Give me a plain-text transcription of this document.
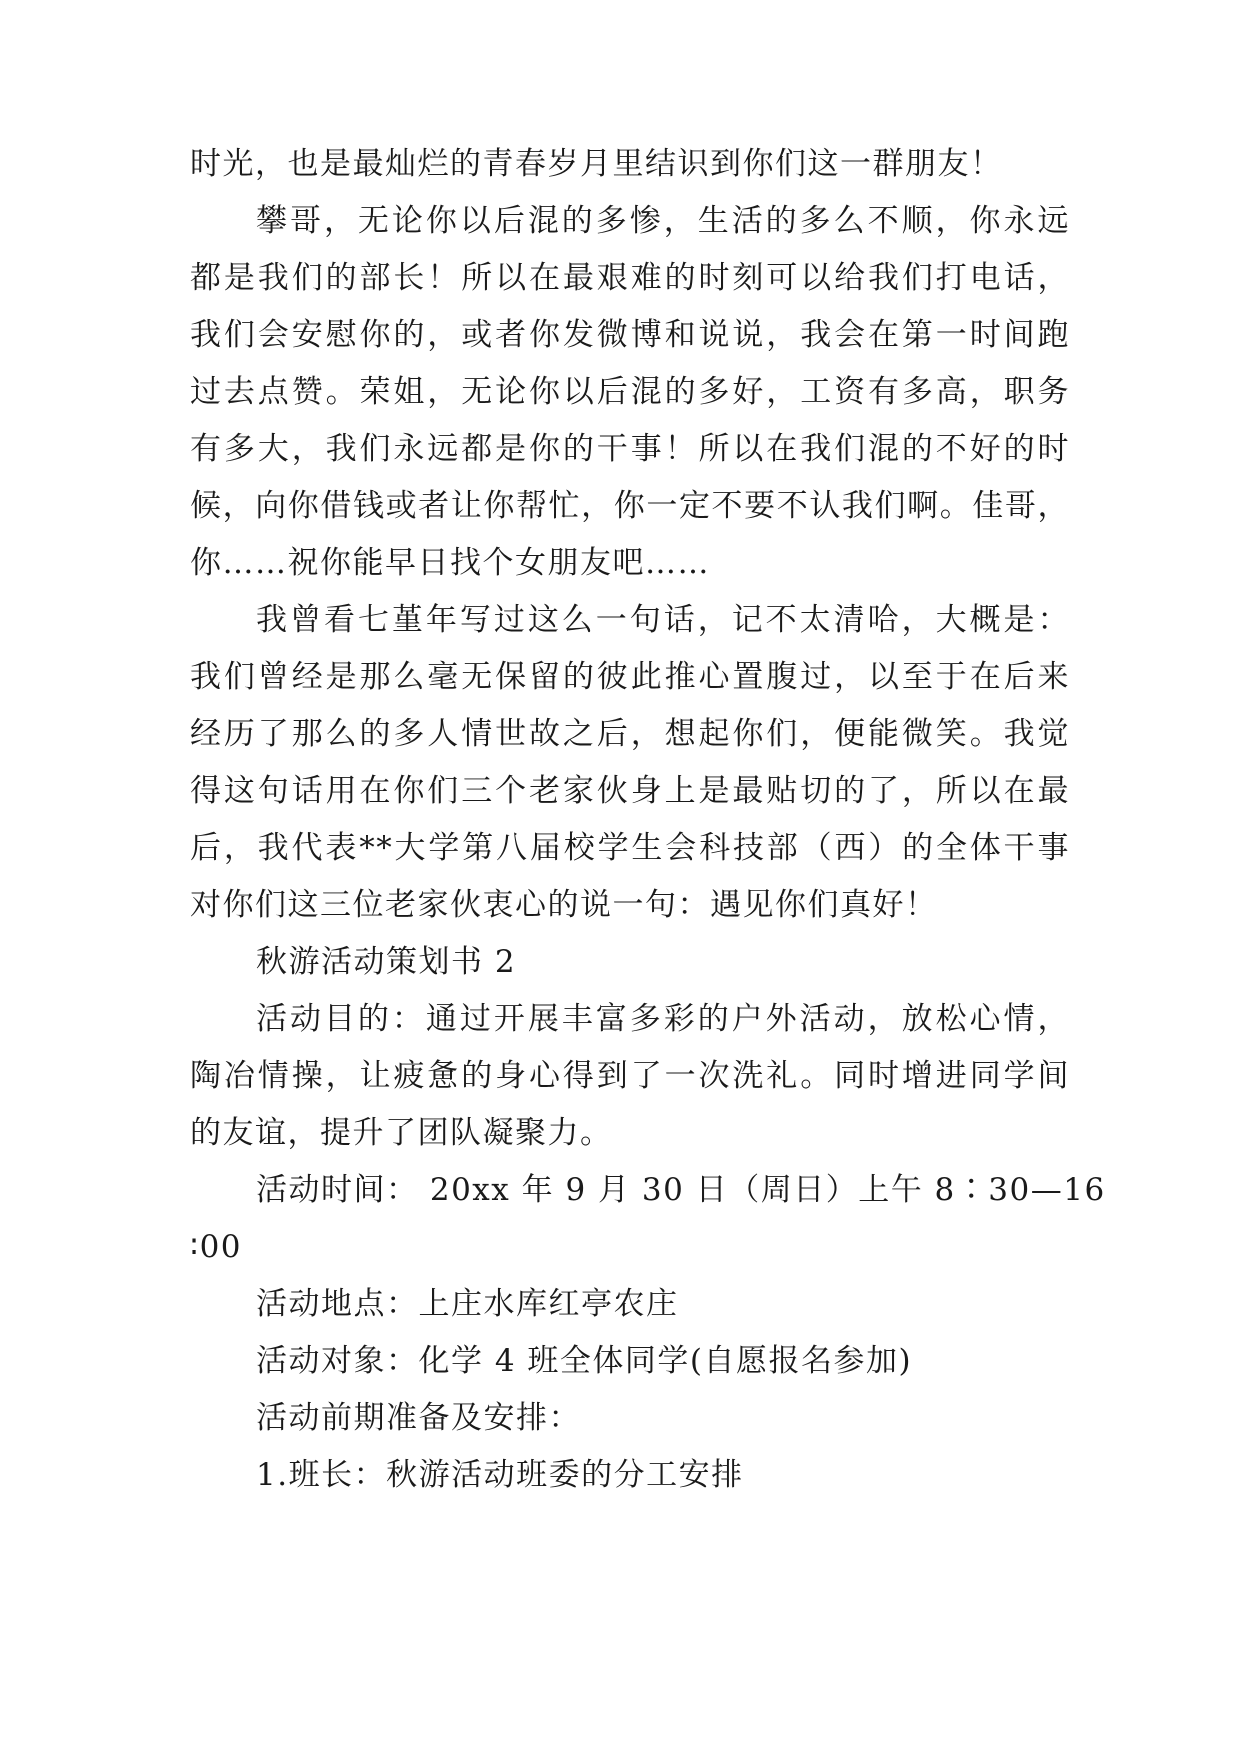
时光，也是最灿烂的青春岁月里结识到你们这一群朋友！
攀哥，无论你以后混的多惨，生活的多么不顺，你永远
都是我们的部长！所以在最艰难的时刻可以给我们打电话，
我们会安慰你的，或者你发微博和说说，我会在第一时间跑
过去点赞。荣姐，无论你以后混的多好，工资有多高，职务
有多大，我们永远都是你的干事！所以在我们混的不好的时
候，向你借钱或者让你帮忙，你一定不要不认我们啊。佳哥，
你……祝你能早日找个女朋友吧……
我曾看七堇年写过这么一句话，记不太清哈，大概是：
我们曾经是那么毫无保留的彼此推心置腹过，以至于在后来
经历了那么的多人情世故之后，想起你们，便能微笑。我觉
得这句话用在你们三个老家伙身上是最贴切的了，所以在最
后，我代表**大学第八届校学生会科技部（西）的全体干事
对你们这三位老家伙衷心的说一句：遇见你们真好！
秋游活动策划书 2
活动目的：通过开展丰富多彩的户外活动，放松心情，
陶冶情操，让疲惫的身心得到了一次洗礼。同时增进同学间
的友谊，提升了团队凝聚力。
活动时间： 20xx 年 9 月 30 日（周日）上午 8∶30—16
∶00
活动地点：上庄水库红亭农庄
活动对象：化学 4 班全体同学(自愿报名参加)
活动前期准备及安排：
1.班长：秋游活动班委的分工安排
